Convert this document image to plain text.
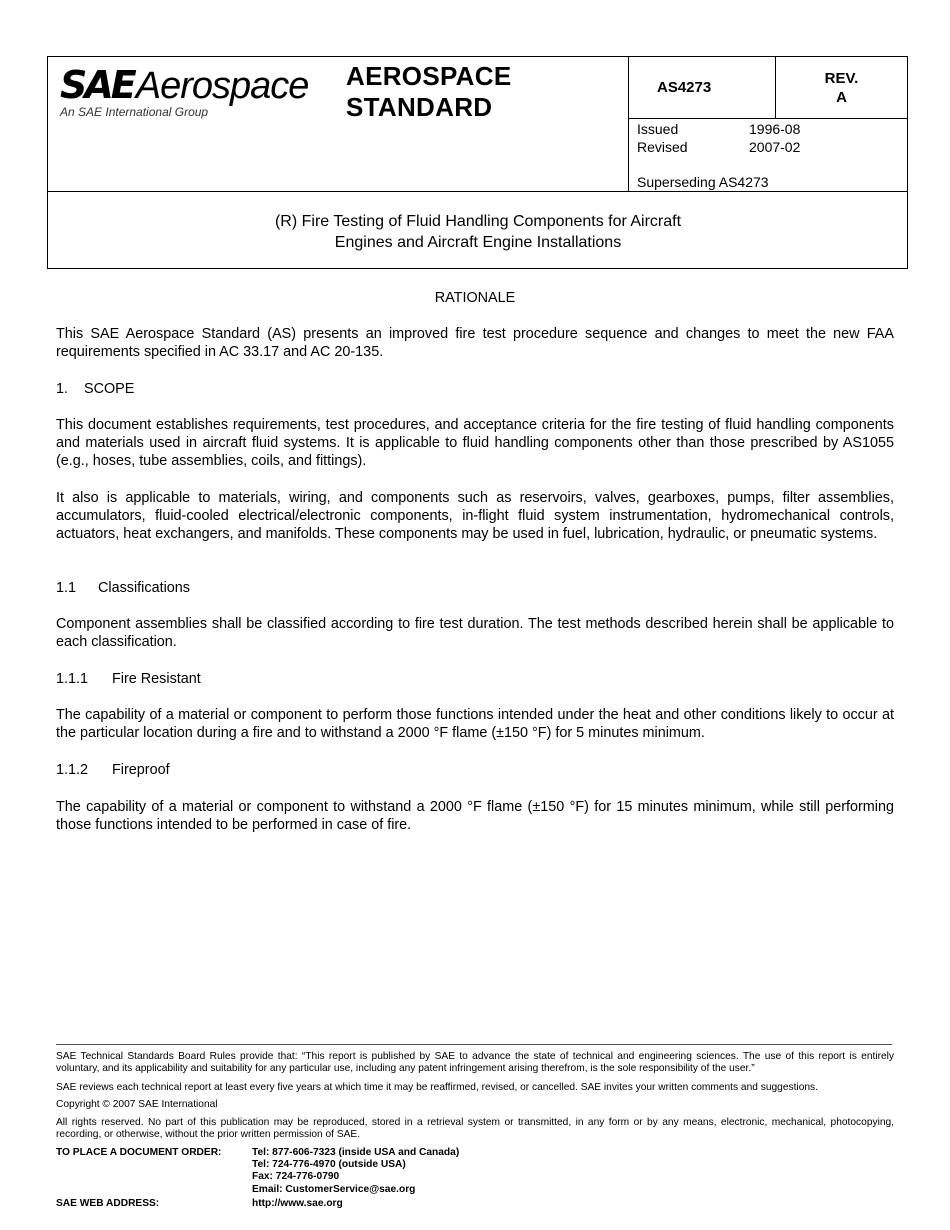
SAEAerospace
An SAE International Group
AEROSPACE
STANDARD
AS4273
REV.
A
Issued	1996-08
Revised	2007-02
Superseding AS4273
(R) Fire Testing of Fluid Handling Components for Aircraft
Engines and Aircraft Engine Installations
RATIONALE

This SAE Aerospace Standard (AS) presents an improved fire test procedure sequence and changes to meet the new FAA requirements specified in AC 33.17 and AC 20-135.

1. SCOPE

This document establishes requirements, test procedures, and acceptance criteria for the fire testing of fluid handling components and materials used in aircraft fluid systems. It is applicable to fluid handling components other than those prescribed by AS1055 (e.g., hoses, tube assemblies, coils, and fittings).

It also is applicable to materials, wiring, and components such as reservoirs, valves, gearboxes, pumps, filter assemblies, accumulators, fluid-cooled electrical/electronic components, in-flight fluid system instrumentation, hydromechanical controls, actuators, heat exchangers, and manifolds. These components may be used in fuel, lubrication, hydraulic, or pneumatic systems.

1.1 Classifications

Component assemblies shall be classified according to fire test duration. The test methods described herein shall be applicable to each classification.

1.1.1 Fire Resistant

The capability of a material or component to perform those functions intended under the heat and other conditions likely to occur at the particular location during a fire and to withstand a 2000 °F flame (±150 °F) for 5 minutes minimum.

1.1.2 Fireproof

The capability of a material or component to withstand a 2000 °F flame (±150 °F) for 15 minutes minimum, while still performing those functions intended to be performed in case of fire.

SAE Technical Standards Board Rules provide that: “This report is published by SAE to advance the state of technical and engineering sciences. The use of this report is entirely voluntary, and its applicability and suitability for any particular use, including any patent infringement arising therefrom, is the sole responsibility of the user.”

SAE reviews each technical report at least every five years at which time it may be reaffirmed, revised, or cancelled. SAE invites your written comments and suggestions.

Copyright © 2007 SAE International

All rights reserved. No part of this publication may be reproduced, stored in a retrieval system or transmitted, in any form or by any means, electronic, mechanical, photocopying, recording, or otherwise, without the prior written permission of SAE.

TO PLACE A DOCUMENT ORDER:	Tel: 877-606-7323 (inside USA and Canada)
Tel: 724-776-4970 (outside USA)
Fax: 724-776-0790
Email: CustomerService@sae.org
SAE WEB ADDRESS:	http://www.sae.org
